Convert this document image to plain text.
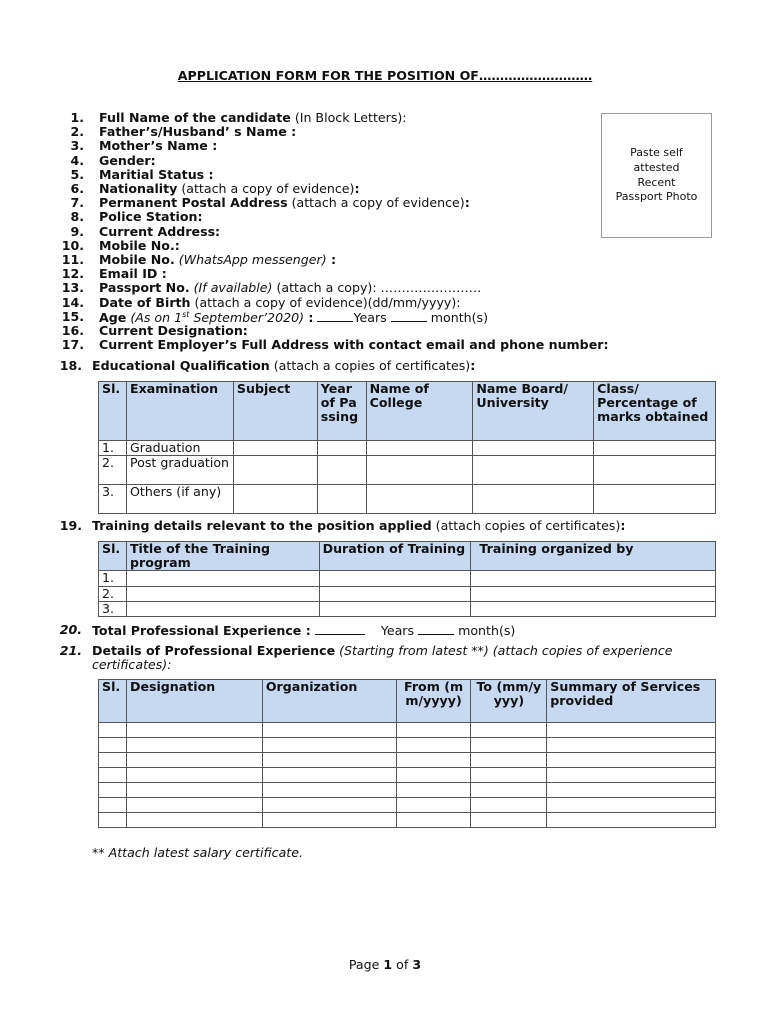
APPLICATION FORM FOR THE POSITION OF………………………
Paste self
attested
Recent
Passport Photo
1. Full Name of the candidate (In Block Letters):
2. Father’s/Husband’ s Name :
3. Mother’s Name :
4. Gender:
5. Maritial Status :
6. Nationality (attach a copy of evidence):
7. Permanent Postal Address (attach a copy of evidence):
8. Police Station:
9. Current Address:
10. Mobile No.:
11. Mobile No. (WhatsApp messenger) :
12. Email ID :
13. Passport No. (If available) (attach a copy): ……………………
14. Date of Birth (attach a copy of evidence)(dd/mm/yyyy):
15. Age (As on 1st September’2020) :	Years	month(s)
16. Current Designation:
17. Current Employer’s Full Address with contact email and phone number:
18. Educational Qualification (attach a copies of certificates):
Sl.	Examination	Subject	Year of Passing	Name of College	Name Board/ University	Class/ Percentage of marks obtained
1.	Graduation					
2.	Post graduation					
3.	Others (if any)					
19. Training details relevant to the position applied (attach copies of certificates):
Sl.	Title of the Training program	Duration of Training	Training organized by
1.			
2.			
3.			
20. Total Professional Experience :	Years	month(s)
21. Details of Professional Experience (Starting from latest **) (attach copies of experience certificates):
Sl.	Designation	Organization	From (mm/yyyy)	To (mm/yyyy)	Summary of Services provided

** Attach latest salary certificate.
Page 1 of 3
